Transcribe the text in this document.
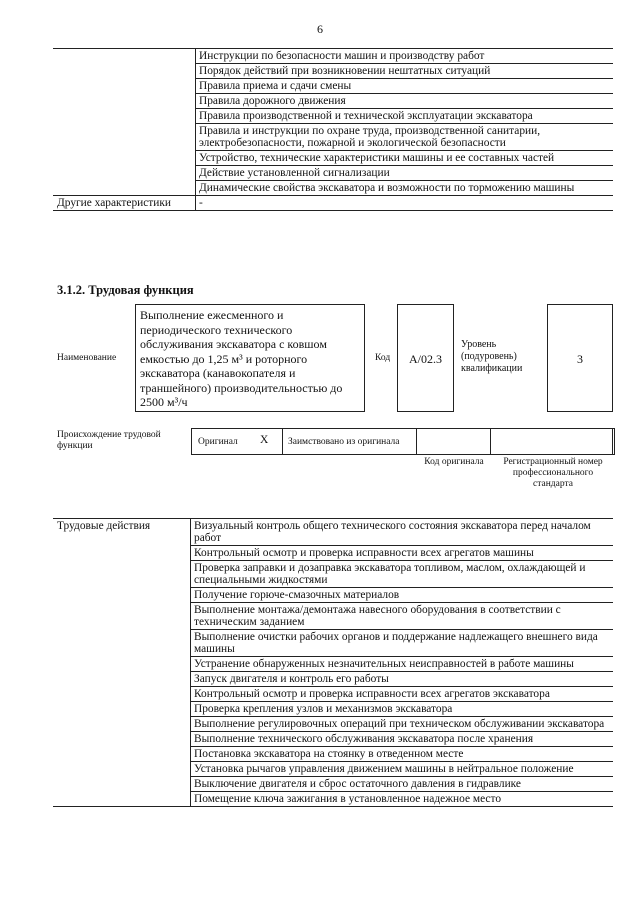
6
	Инструкции по безопасности машин и производству работ
	Порядок действий при возникновении нештатных ситуаций
	Правила приема и сдачи смены
	Правила дорожного движения
	Правила производственной и технической эксплуатации экскаватора
	Правила и инструкции по охране труда, производственной санитарии, электробезопасности, пожарной и экологической безопасности
	Устройство, технические характеристики машины и ее составных частей
	Действие установленной сигнализации
	Динамические свойства экскаватора и возможности по торможению машины
Другие характеристики	-
3.1.2. Трудовая функция
Наименование
Выполнение ежесменного и периодического технического обслуживания экскаватора с ковшом емкостью до 1,25 м³ и роторного экскаватора (канавокопателя и траншейного) производительностью до 2500 м³/ч
Код	А/02.3
Уровень (подуровень) квалификации
3
Происхождение трудовой функции	Оригинал X Заимствовано из оригинала
Код оригинала	Регистрационный номер профессионального стандарта
Трудовые действия	Визуальный контроль общего технического состояния экскаватора перед началом работ
Контрольный осмотр и проверка исправности всех агрегатов машины
Проверка заправки и дозаправка экскаватора топливом, маслом, охлаждающей и специальными жидкостями
Получение горюче-смазочных материалов
Выполнение монтажа/демонтажа навесного оборудования в соответствии с техническим заданием
Выполнение очистки рабочих органов и поддержание надлежащего внешнего вида машины
Устранение обнаруженных незначительных неисправностей в работе машины
Запуск двигателя и контроль его работы
Контрольный осмотр и проверка исправности всех агрегатов экскаватора
Проверка крепления узлов и механизмов экскаватора
Выполнение регулировочных операций при техническом обслуживании экскаватора
Выполнение технического обслуживания экскаватора после хранения
Постановка экскаватора на стоянку в отведенном месте
Установка рычагов управления движением машины в нейтральное положение
Выключение двигателя и сброс остаточного давления в гидравлике
Помещение ключа зажигания в установленное надежное место
